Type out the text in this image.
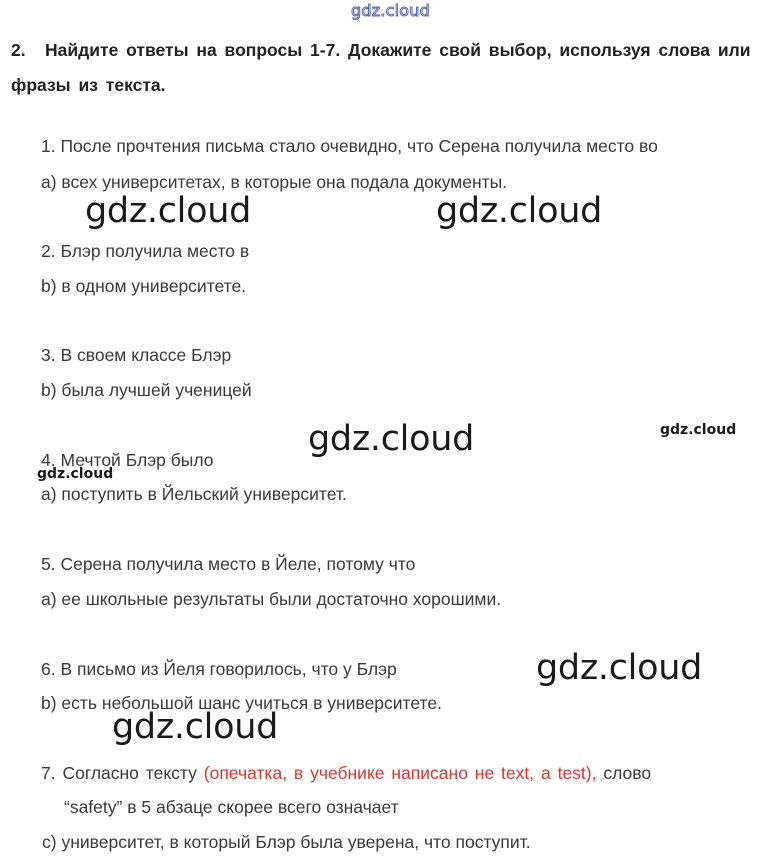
gdz.cloud
2. Найдите ответы на вопросы 1-7. Докажите свой выбор, используя слова или фразы из текста.
1. После прочтения письма стало очевидно, что Серена получила место во
a) всех университетах, в которые она подала документы.
2. Блэр получила место в
b) в одном университете.
3. В своем классе Блэр
b) была лучшей ученицей
4. Мечтой Блэр было
a) поступить в Йельский университет.
5. Серена получила место в Йеле, потому что
a) ее школьные результаты были достаточно хорошими.
6. В письмо из Йеля говорилось, что у Блэр
b) есть небольшой шанс учиться в университете.
7. Согласно тексту (опечатка, в учебнике написано не text, а test), слово
“safety” в 5 абзаце скорее всего означает
c) университет, в который Блэр была уверена, что поступит.
gdz.cloud	gdz.cloud
gdz.cloud
gdz.cloud
gdz.cloud
gdz.cloud
gdz.cloud
